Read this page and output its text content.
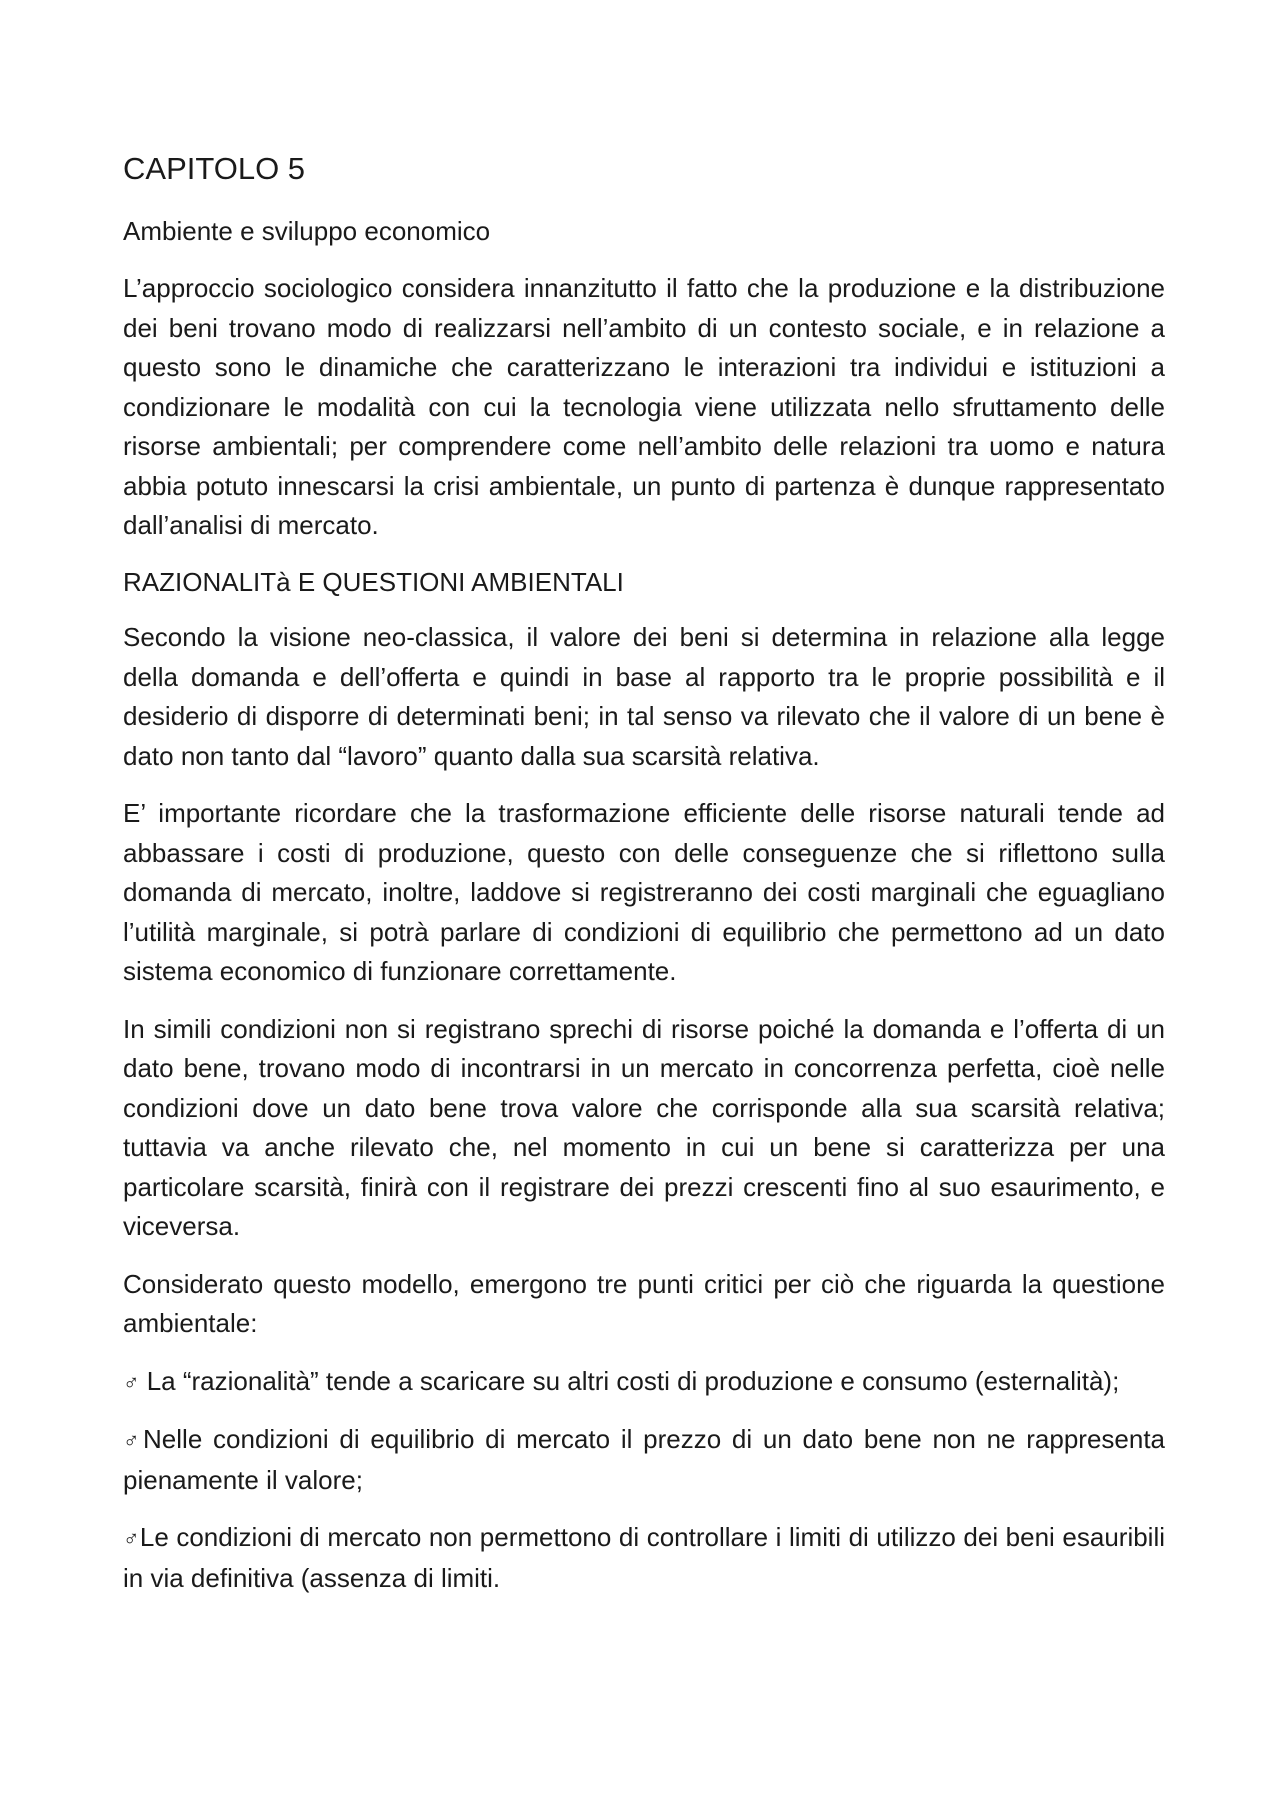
CAPITOLO 5
Ambiente e sviluppo economico

L’approccio sociologico considera innanzitutto il fatto che la produzione e la distribuzione dei beni trovano modo di realizzarsi nell’ambito di un contesto sociale, e in relazione a questo sono le dinamiche che caratterizzano le interazioni tra individui e istituzioni a condizionare le modalità con cui la tecnologia viene utilizzata nello sfruttamento delle risorse ambientali; per comprendere come nell’ambito delle relazioni tra uomo e natura abbia potuto innescarsi la crisi ambientale, un punto di partenza è dunque rappresentato dall’analisi di mercato.

RAZIONALITà E QUESTIONI AMBIENTALI

Secondo la visione neo-classica, il valore dei beni si determina in relazione alla legge della domanda e dell’offerta e quindi in base al rapporto tra le proprie possibilità e il desiderio di disporre di determinati beni; in tal senso va rilevato che il valore di un bene è dato non tanto dal “lavoro” quanto dalla sua scarsità relativa.

E’ importante ricordare che la trasformazione efficiente delle risorse naturali tende ad abbassare i costi di produzione, questo con delle conseguenze che si riflettono sulla domanda di mercato, inoltre, laddove si registreranno dei costi marginali che eguagliano l’utilità marginale, si potrà parlare di condizioni di equilibrio che permettono ad un dato sistema economico di funzionare correttamente.

In simili condizioni non si registrano sprechi di risorse poiché la domanda e l’offerta di un dato bene, trovano modo di incontrarsi in un mercato in concorrenza perfetta, cioè nelle condizioni dove un dato bene trova valore che corrisponde alla sua scarsità relativa; tuttavia va anche rilevato che, nel momento in cui un bene si caratterizza per una particolare scarsità, finirà con il registrare dei prezzi crescenti fino al suo esaurimento, e viceversa.

Considerato questo modello, emergono tre punti critici per ciò che riguarda la questione ambientale:

♂ La “razionalità” tende a scaricare su altri costi di produzione e consumo (esternalità);

♂Nelle condizioni di equilibrio di mercato il prezzo di un dato bene non ne rappresenta pienamente il valore;

♂Le condizioni di mercato non permettono di controllare i limiti di utilizzo dei beni esauribili in via definitiva (assenza di limiti.
